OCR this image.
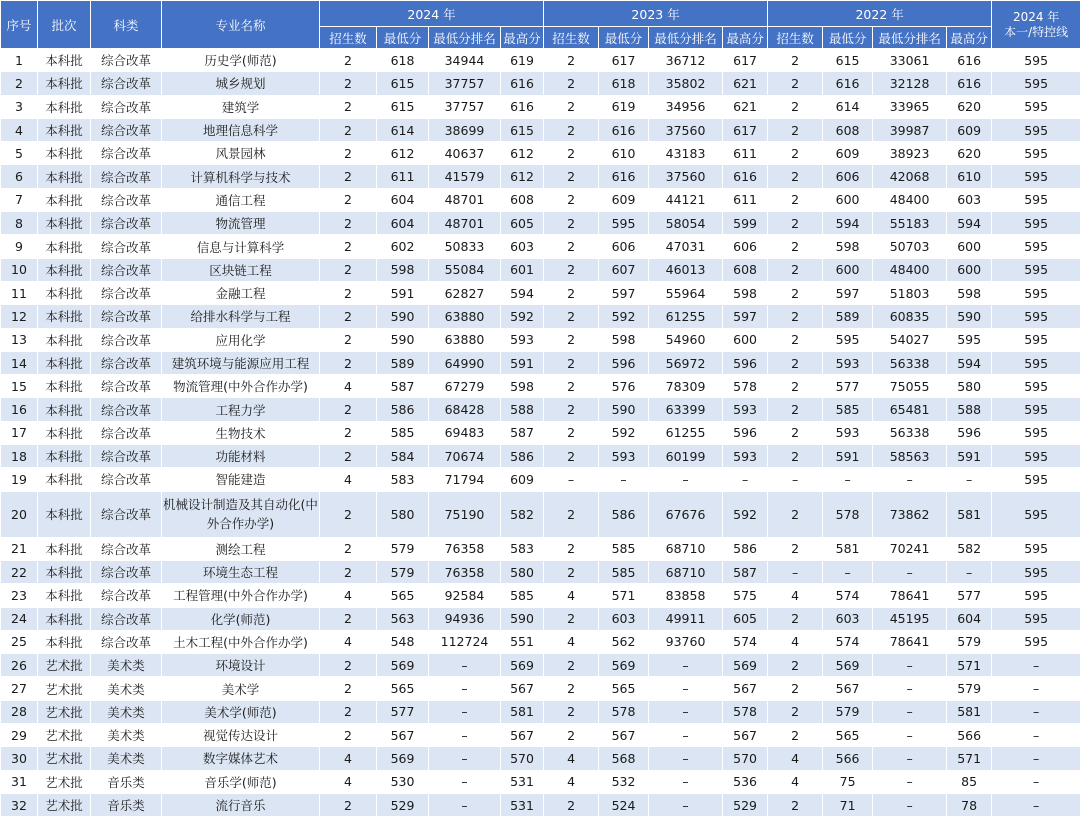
序号	批次	科类	专业名称	2024 年				2023 年				2022 年				2024 年
本一/特控线

				招生数	最低分	最低分排名	最高分	招生数	最低分	最低分排名	最高分	招生数	最低分	最低分排名	最高分	
1	本科批	综合改革	历史学(师范)	2	618	34944	619	2	617	36712	617	2	615	33061	616	595
2	本科批	综合改革	城乡规划	2	615	37757	616	2	618	35802	621	2	616	32128	616	595
3	本科批	综合改革	建筑学	2	615	37757	616	2	619	34956	621	2	614	33965	620	595
4	本科批	综合改革	地理信息科学	2	614	38699	615	2	616	37560	617	2	608	39987	609	595
5	本科批	综合改革	风景园林	2	612	40637	612	2	610	43183	611	2	609	38923	620	595
6	本科批	综合改革	计算机科学与技术	2	611	41579	612	2	616	37560	616	2	606	42068	610	595
7	本科批	综合改革	通信工程	2	604	48701	608	2	609	44121	611	2	600	48400	603	595
8	本科批	综合改革	物流管理	2	604	48701	605	2	595	58054	599	2	594	55183	594	595
9	本科批	综合改革	信息与计算科学	2	602	50833	603	2	606	47031	606	2	598	50703	600	595
10	本科批	综合改革	区块链工程	2	598	55084	601	2	607	46013	608	2	600	48400	600	595
11	本科批	综合改革	金融工程	2	591	62827	594	2	597	55964	598	2	597	51803	598	595
12	本科批	综合改革	给排水科学与工程	2	590	63880	592	2	592	61255	597	2	589	60835	590	595
13	本科批	综合改革	应用化学	2	590	63880	593	2	598	54960	600	2	595	54027	595	595
14	本科批	综合改革	建筑环境与能源应用工程	2	589	64990	591	2	596	56972	596	2	593	56338	594	595
15	本科批	综合改革	物流管理(中外合作办学)	4	587	67279	598	2	576	78309	578	2	577	75055	580	595
16	本科批	综合改革	工程力学	2	586	68428	588	2	590	63399	593	2	585	65481	588	595
17	本科批	综合改革	生物技术	2	585	69483	587	2	592	61255	596	2	593	56338	596	595
18	本科批	综合改革	功能材料	2	584	70674	586	2	593	60199	593	2	591	58563	591	595
19	本科批	综合改革	智能建造	4	583	71794	609	–	–	–	–	–	–	–	–	595
20	本科批	综合改革	机械设计制造及其自动化(中外合作办学)	2	580	75190	582	2	586	67676	592	2	578	73862	581	595
21	本科批	综合改革	测绘工程	2	579	76358	583	2	585	68710	586	2	581	70241	582	595
22	本科批	综合改革	环境生态工程	2	579	76358	580	2	585	68710	587	–	–	–	–	595
23	本科批	综合改革	工程管理(中外合作办学)	4	565	92584	585	4	571	83858	575	4	574	78641	577	595
24	本科批	综合改革	化学(师范)	2	563	94936	590	2	603	49911	605	2	603	45195	604	595
25	本科批	综合改革	土木工程(中外合作办学)	4	548	112724	551	4	562	93760	574	4	574	78641	579	595
26	艺术批	美术类	环境设计	2	569	–	569	2	569	–	569	2	569	–	571	–
27	艺术批	美术类	美术学	2	565	–	567	2	565	–	567	2	567	–	579	–
28	艺术批	美术类	美术学(师范)	2	577	–	581	2	578	–	578	2	579	–	581	–
29	艺术批	美术类	视觉传达设计	2	567	–	567	2	567	–	567	2	565	–	566	–
30	艺术批	美术类	数字媒体艺术	4	569	–	570	4	568	–	570	4	566	–	571	–
31	艺术批	音乐类	音乐学(师范)	4	530	–	531	4	532	–	536	4	75	–	85	–
32	艺术批	音乐类	流行音乐	2	529	–	531	2	524	–	529	2	71	–	78	–
